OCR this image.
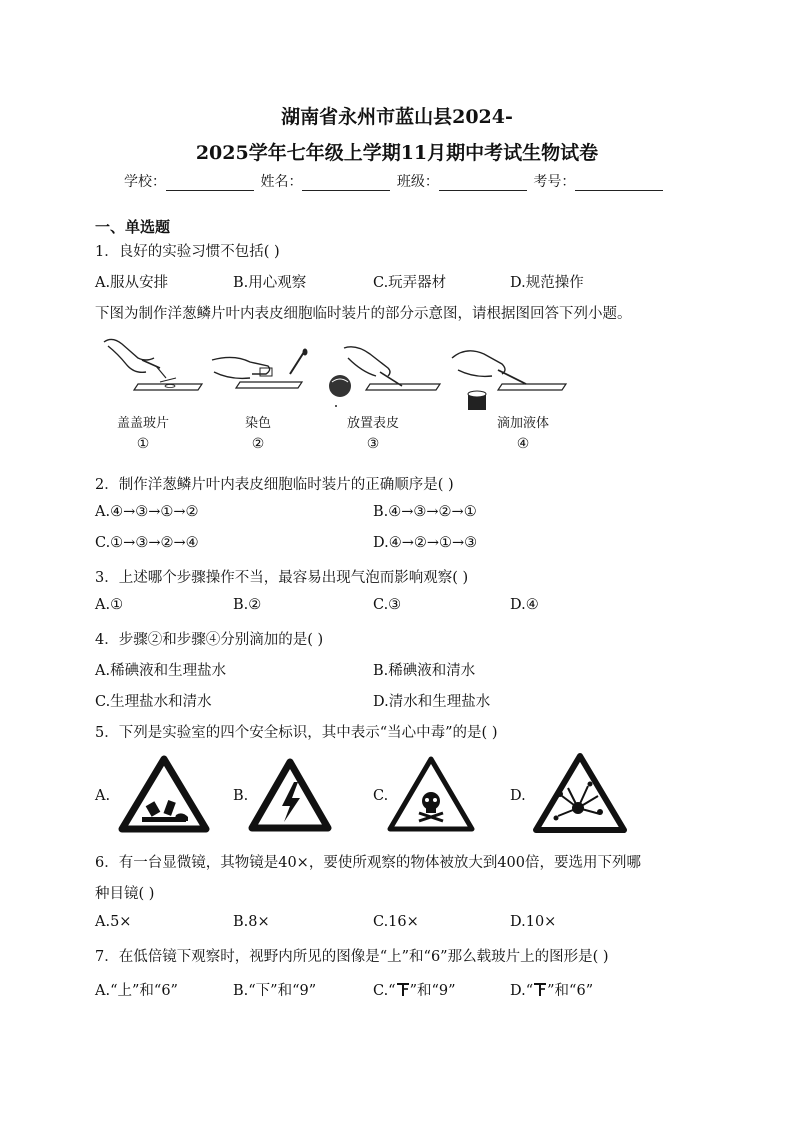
湖南省永州市蓝山县2024-
2025学年七年级上学期11月期中考试生物试卷
学校：	姓名：	班级：	考号：
一、单选题
1．良好的实验习惯不包括( )
A.服从安排	B.用心观察	C.玩弄器材	D.规范操作
下图为制作洋葱鳞片叶内表皮细胞临时装片的部分示意图，请根据图回答下列小题。
盖盖玻片	染色	放置表皮	滴加液体
①	②	③	④
2．制作洋葱鳞片叶内表皮细胞临时装片的正确顺序是( )
A.④→③→①→②	B.④→③→②→①
C.①→③→②→④	D.④→②→①→③
3．上述哪个步骤操作不当，最容易出现气泡而影响观察( )
A.①	B.②	C.③	D.④
4．步骤②和步骤④分别滴加的是( )
A.稀碘液和生理盐水	B.稀碘液和清水
C.生理盐水和清水	D.清水和生理盐水
5．下列是实验室的四个安全标识，其中表示“当心中毒”的是( )
A.	B.	C.	D.
6．有一台显微镜，其物镜是40×，要使所观察的物体被放大到400倍，要选用下列哪
种目镜( )
A.5×	B.8×	C.16×	D.10×
7．在低倍镜下观察时，视野内所见的图像是“上”和“6”那么载玻片上的图形是( )
A.“上”和“6”	B.“下”和“9”	C.“ ”和“9”	D.“ ”和“6”
